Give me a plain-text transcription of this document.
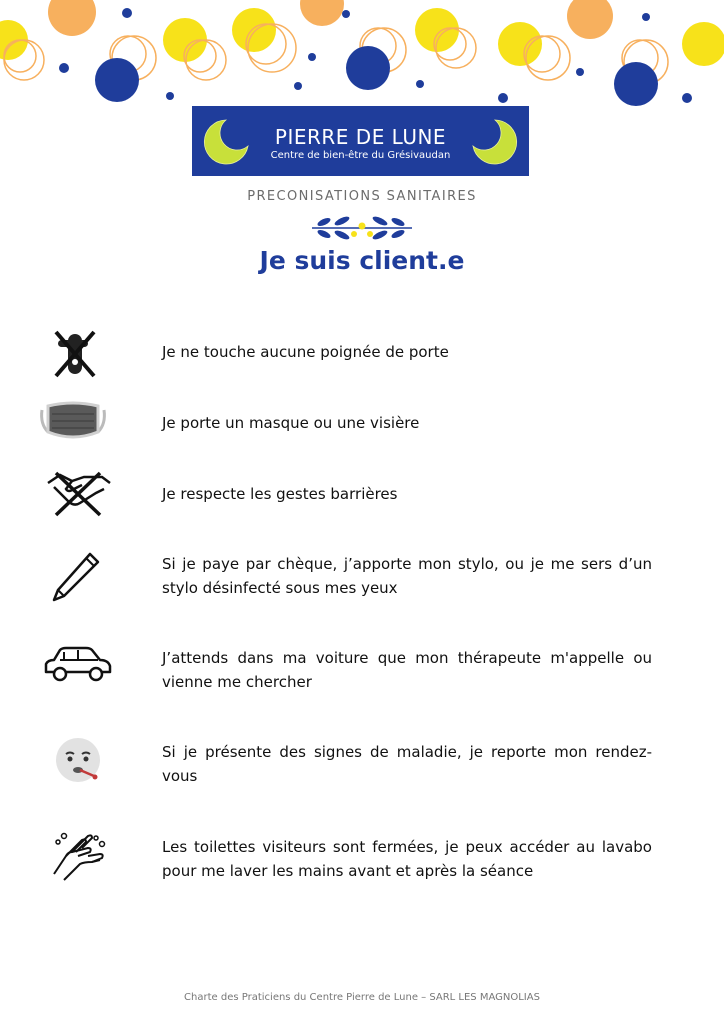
PIERRE DE LUNE
Centre de bien-être du Grésivaudan
PRECONISATIONS SANITAIRES
Je suis client.e
Je ne touche aucune poignée de porte
Je porte un masque ou une visière
Je respecte les gestes barrières
Si je paye par chèque, j’apporte mon stylo, ou je me sers d’un stylo désinfecté sous mes yeux
J’attends dans ma voiture que mon thérapeute m'appelle ou vienne me chercher
Si je présente des signes de maladie, je reporte mon rendez-vous
Les toilettes visiteurs sont fermées, je peux accéder au lavabo pour me laver les mains avant et après la séance
Charte des Praticiens du Centre Pierre de Lune – SARL LES MAGNOLIAS
